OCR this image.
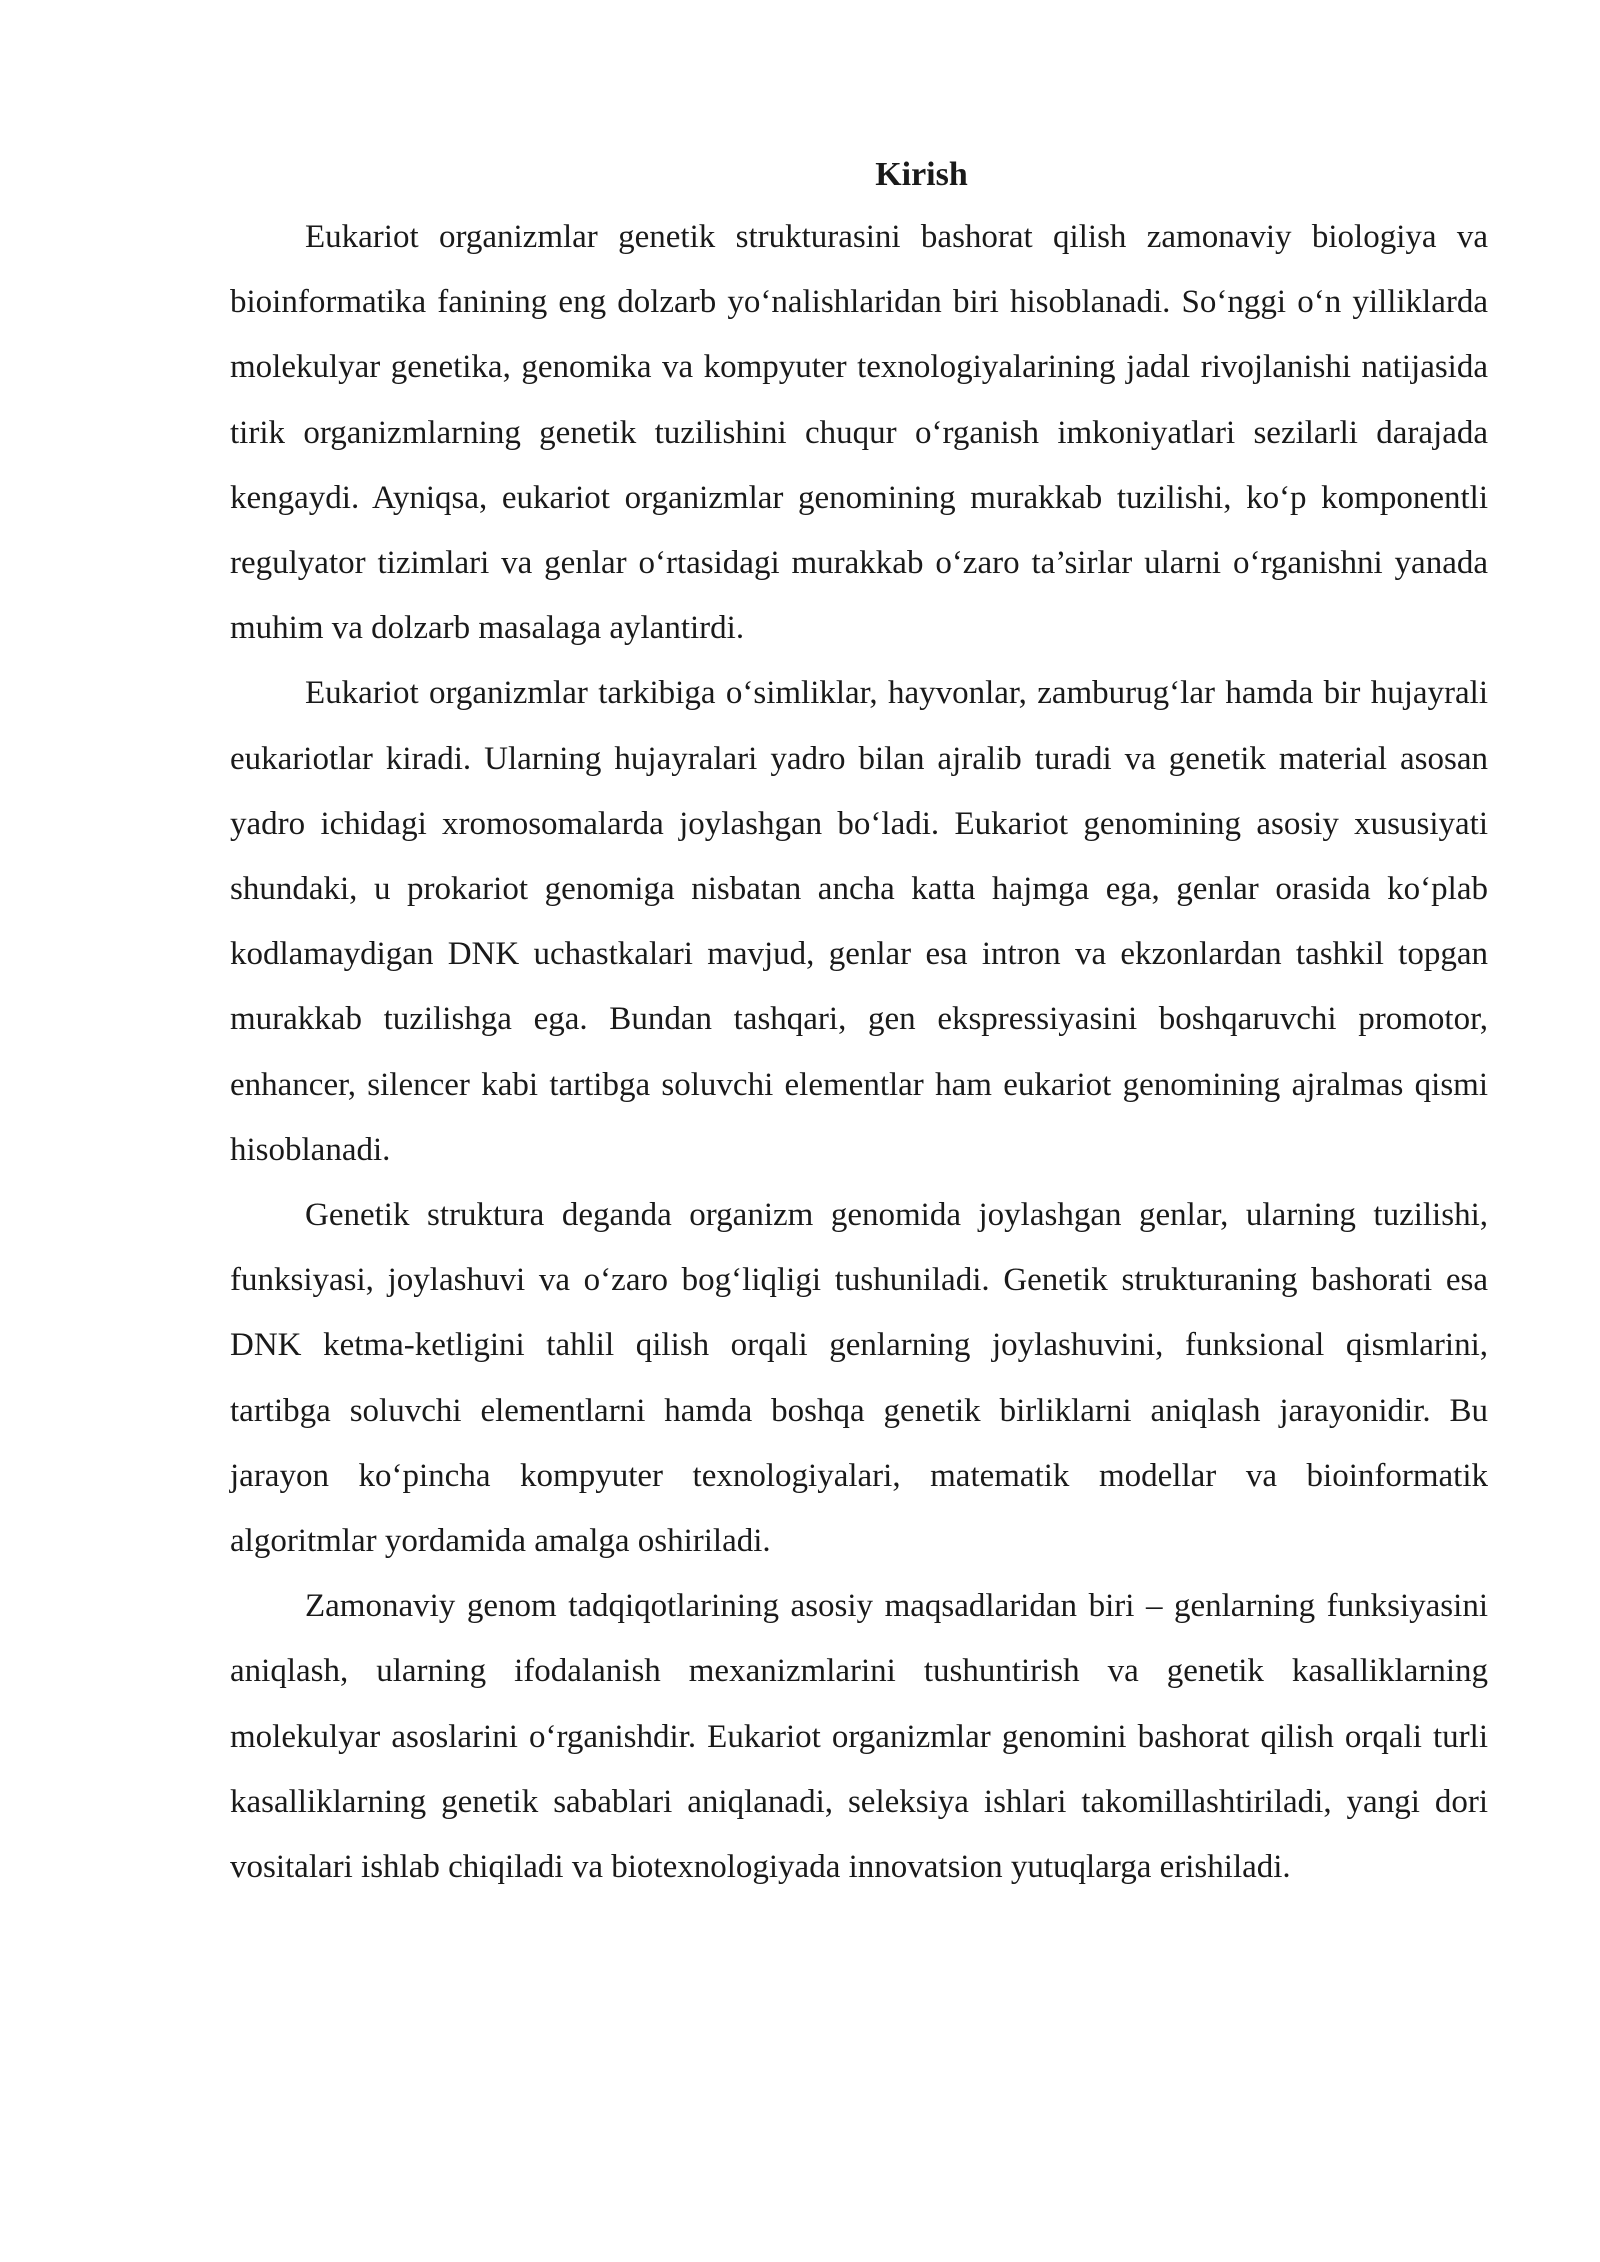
Kirish

Eukariot organizmlar genetik strukturasini bashorat qilish zamonaviy biologiya va bioinformatika fanining eng dolzarb yo‘nalishlaridan biri hisoblanadi. So‘nggi o‘n yilliklarda molekulyar genetika, genomika va kompyuter texnologiyalarining jadal rivojlanishi natijasida tirik organizmlarning genetik tuzilishini chuqur o‘rganish imkoniyatlari sezilarli darajada kengaydi. Ayniqsa, eukariot organizmlar genomining murakkab tuzilishi, ko‘p komponentli regulyator tizimlari va genlar o‘rtasidagi murakkab o‘zaro ta’sirlar ularni o‘rganishni yanada muhim va dolzarb masalaga aylantirdi.

Eukariot organizmlar tarkibiga o‘simliklar, hayvonlar, zamburug‘lar hamda bir hujayrali eukariotlar kiradi. Ularning hujayralari yadro bilan ajralib turadi va genetik material asosan yadro ichidagi xromosomalarda joylashgan bo‘ladi. Eukariot genomining asosiy xususiyati shundaki, u prokariot genomiga nisbatan ancha katta hajmga ega, genlar orasida ko‘plab kodlamaydigan DNK uchastkalari mavjud, genlar esa intron va ekzonlardan tashkil topgan murakkab tuzilishga ega. Bundan tashqari, gen ekspressiyasini boshqaruvchi promotor, enhancer, silencer kabi tartibga soluvchi elementlar ham eukariot genomining ajralmas qismi hisoblanadi.

Genetik struktura deganda organizm genomida joylashgan genlar, ularning tuzilishi, funksiyasi, joylashuvi va o‘zaro bog‘liqligi tushuniladi. Genetik strukturaning bashorati esa DNK ketma-ketligini tahlil qilish orqali genlarning joylashuvini, funksional qismlarini, tartibga soluvchi elementlarni hamda boshqa genetik birliklarni aniqlash jarayonidir. Bu jarayon ko‘pincha kompyuter texnologiyalari, matematik modellar va bioinformatik algoritmlar yordamida amalga oshiriladi.

Zamonaviy genom tadqiqotlarining asosiy maqsadlaridan biri – genlarning funksiyasini aniqlash, ularning ifodalanish mexanizmlarini tushuntirish va genetik kasalliklarning molekulyar asoslarini o‘rganishdir. Eukariot organizmlar genomini bashorat qilish orqali turli kasalliklarning genetik sabablari aniqlanadi, seleksiya ishlari takomillashtiriladi, yangi dori vositalari ishlab chiqiladi va biotexnologiyada innovatsion yutuqlarga erishiladi.
